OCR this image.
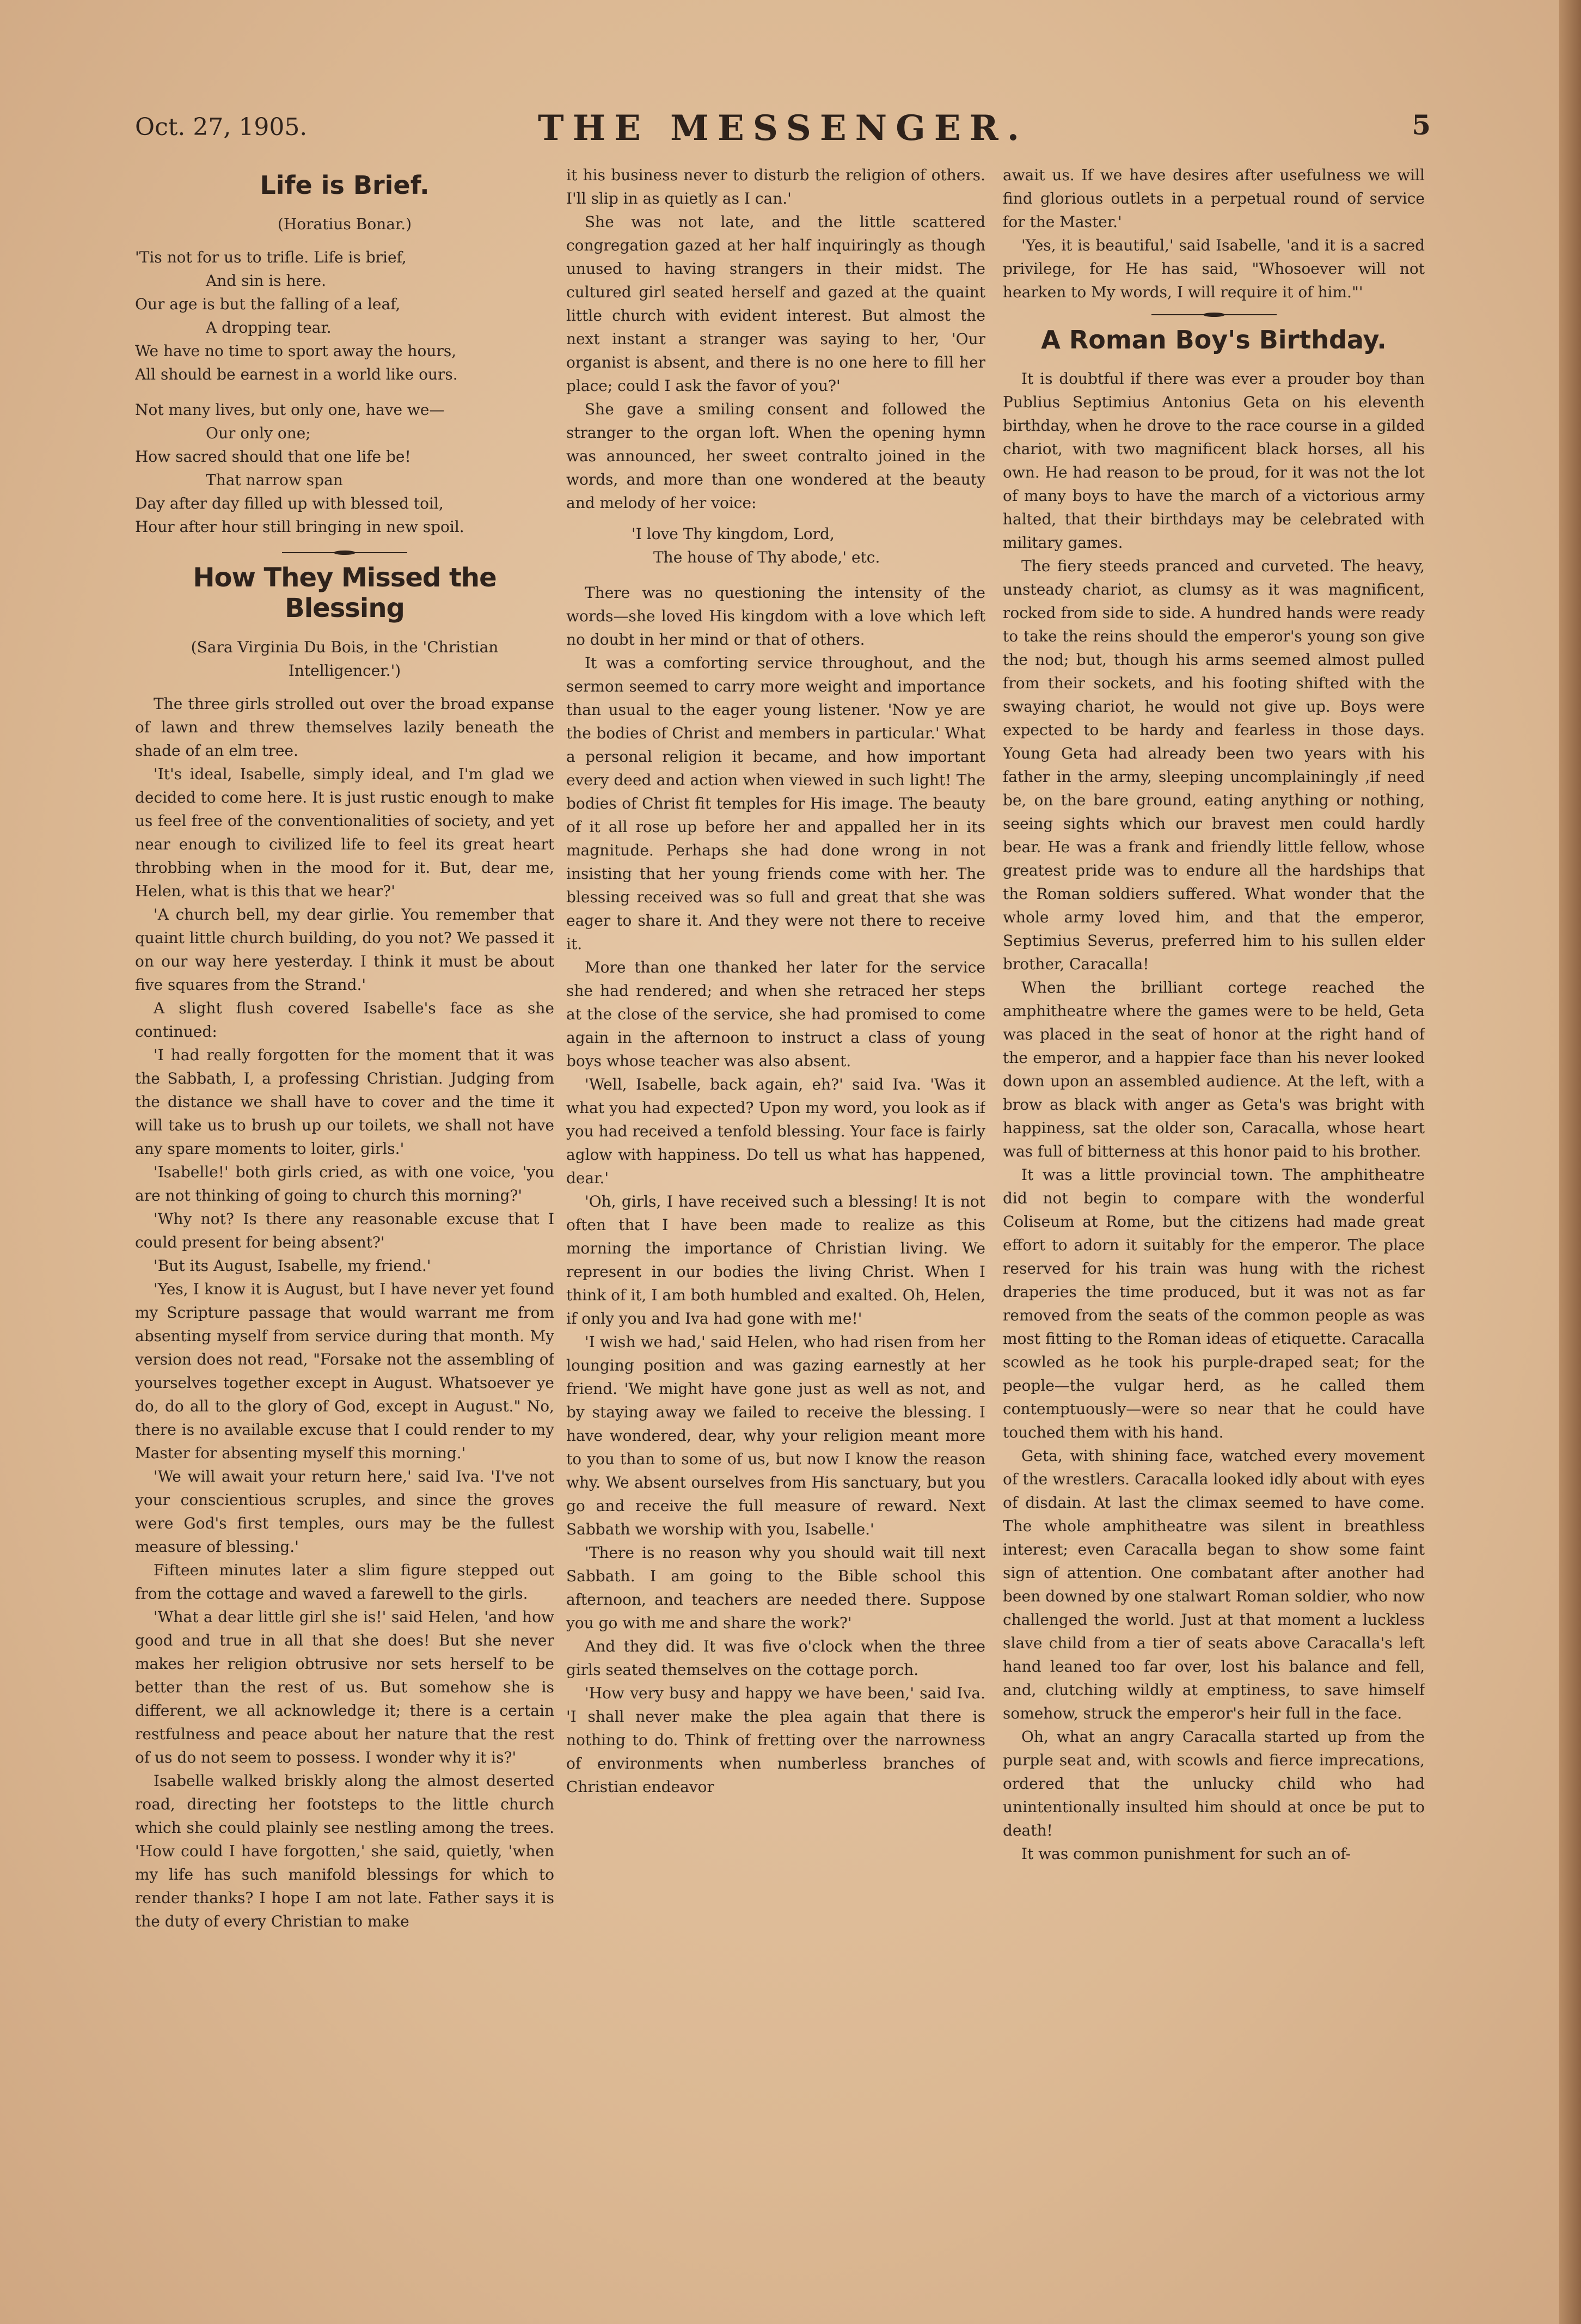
Oct. 27, 1905.	THE MESSENGER.	5
Life is Brief.
(Horatius Bonar.)
'Tis not for us to trifle. Life is brief,
And sin is here.
Our age is but the falling of a leaf,
A dropping tear.
We have no time to sport away the hours,
All should be earnest in a world like ours.
Not many lives, but only one, have we—
Our only one;
How sacred should that one life be!
That narrow span
Day after day filled up with blessed toil,
Hour after hour still bringing in new spoil.
How They Missed the Blessing
(Sara Virginia Du Bois, in the 'Christian Intelligencer.')

The three girls strolled out over the broad expanse of lawn and threw themselves lazily beneath the shade of an elm tree.

'It's ideal, Isabelle, simply ideal, and I'm glad we decided to come here. It is just rustic enough to make us feel free of the conventionalities of society, and yet near enough to civilized life to feel its great heart throbbing when in the mood for it. But, dear me, Helen, what is this that we hear?'

'A church bell, my dear girlie. You remember that quaint little church building, do you not? We passed it on our way here yesterday. I think it must be about five squares from the Strand.'

A slight flush covered Isabelle's face as she continued:

'I had really forgotten for the moment that it was the Sabbath, I, a professing Christian. Judging from the distance we shall have to cover and the time it will take us to brush up our toilets, we shall not have any spare moments to loiter, girls.'

'Isabelle!' both girls cried, as with one voice, 'you are not thinking of going to church this morning?'

'Why not? Is there any reasonable excuse that I could present for being absent?'

'But its August, Isabelle, my friend.'

'Yes, I know it is August, but I have never yet found my Scripture passage that would warrant me from absenting myself from service during that month. My version does not read, "Forsake not the assembling of yourselves together except in August. Whatsoever ye do, do all to the glory of God, except in August." No, there is no available excuse that I could render to my Master for absenting myself this morning.'

'We will await your return here,' said Iva. 'I've not your conscientious scruples, and since the groves were God's first temples, ours may be the fullest measure of blessing.'

Fifteen minutes later a slim figure stepped out from the cottage and waved a farewell to the girls.

'What a dear little girl she is!' said Helen, 'and how good and true in all that she does! But she never makes her religion obtrusive nor sets herself to be better than the rest of us. But somehow she is different, we all acknowledge it; there is a certain restfulness and peace about her nature that the rest of us do not seem to possess. I wonder why it is?'

Isabelle walked briskly along the almost deserted road, directing her footsteps to the little church which she could plainly see nestling among the trees. 'How could I have forgotten,' she said, quietly, 'when my life has such manifold blessings for which to render thanks? I hope I am not late. Father says it is the duty of every Christian to make

it his business never to disturb the religion of others. I'll slip in as quietly as I can.'

She was not late, and the little scattered congregation gazed at her half inquiringly as though unused to having strangers in their midst. The cultured girl seated herself and gazed at the quaint little church with evident interest. But almost the next instant a stranger was saying to her, 'Our organist is absent, and there is no one here to fill her place; could I ask the favor of you?'

She gave a smiling consent and followed the stranger to the organ loft. When the opening hymn was announced, her sweet contralto joined in the words, and more than one wondered at the beauty and melody of her voice:

'I love Thy kingdom, Lord,
The house of Thy abode,' etc.

There was no questioning the intensity of the words—she loved His kingdom with a love which left no doubt in her mind or that of others.

It was a comforting service throughout, and the sermon seemed to carry more weight and importance than usual to the eager young listener. 'Now ye are the bodies of Christ and members in particular.' What a personal religion it became, and how important every deed and action when viewed in such light! The bodies of Christ fit temples for His image. The beauty of it all rose up before her and appalled her in its magnitude. Perhaps she had done wrong in not insisting that her young friends come with her. The blessing received was so full and great that she was eager to share it. And they were not there to receive it.

More than one thanked her later for the service she had rendered; and when she retraced her steps at the close of the service, she had promised to come again in the afternoon to instruct a class of young boys whose teacher was also absent.

'Well, Isabelle, back again, eh?' said Iva. 'Was it what you had expected? Upon my word, you look as if you had received a tenfold blessing. Your face is fairly aglow with happiness. Do tell us what has happened, dear.'

'Oh, girls, I have received such a blessing! It is not often that I have been made to realize as this morning the importance of Christian living. We represent in our bodies the living Christ. When I think of it, I am both humbled and exalted. Oh, Helen, if only you and Iva had gone with me!'

'I wish we had,' said Helen, who had risen from her lounging position and was gazing earnestly at her friend. 'We might have gone just as well as not, and by staying away we failed to receive the blessing. I have wondered, dear, why your religion meant more to you than to some of us, but now I know the reason why. We absent ourselves from His sanctuary, but you go and receive the full measure of reward. Next Sabbath we worship with you, Isabelle.'

'There is no reason why you should wait till next Sabbath. I am going to the Bible school this afternoon, and teachers are needed there. Suppose you go with me and share the work?'

And they did. It was five o'clock when the three girls seated themselves on the cottage porch.

'How very busy and happy we have been,' said Iva. 'I shall never make the plea again that there is nothing to do. Think of fretting over the narrowness of environments when numberless branches of Christian endeavor

await us. If we have desires after usefulness we will find glorious outlets in a perpetual round of service for the Master.'

'Yes, it is beautiful,' said Isabelle, 'and it is a sacred privilege, for He has said, "Whosoever will not hearken to My words, I will require it of him."'

A Roman Boy's Birthday.

It is doubtful if there was ever a prouder boy than Publius Septimius Antonius Geta on his eleventh birthday, when he drove to the race course in a gilded chariot, with two magnificent black horses, all his own. He had reason to be proud, for it was not the lot of many boys to have the march of a victorious army halted, that their birthdays may be celebrated with military games.

The fiery steeds pranced and curveted. The heavy, unsteady chariot, as clumsy as it was magnificent, rocked from side to side. A hundred hands were ready to take the reins should the emperor's young son give the nod; but, though his arms seemed almost pulled from their sockets, and his footing shifted with the swaying chariot, he would not give up. Boys were expected to be hardy and fearless in those days. Young Geta had already been two years with his father in the army, sleeping uncomplainingly ,if need be, on the bare ground, eating anything or nothing, seeing sights which our bravest men could hardly bear. He was a frank and friendly little fellow, whose greatest pride was to endure all the hardships that the Roman soldiers suffered. What wonder that the whole army loved him, and that the emperor, Septimius Severus, preferred him to his sullen elder brother, Caracalla!

When the brilliant cortege reached the amphitheatre where the games were to be held, Geta was placed in the seat of honor at the right hand of the emperor, and a happier face than his never looked down upon an assembled audience. At the left, with a brow as black with anger as Geta's was bright with happiness, sat the older son, Caracalla, whose heart was full of bitterness at this honor paid to his brother.

It was a little provincial town. The amphitheatre did not begin to compare with the wonderful Coliseum at Rome, but the citizens had made great effort to adorn it suitably for the emperor. The place reserved for his train was hung with the richest draperies the time produced, but it was not as far removed from the seats of the common people as was most fitting to the Roman ideas of etiquette. Caracalla scowled as he took his purple-draped seat; for the people—the vulgar herd, as he called them contemptuously—were so near that he could have touched them with his hand.

Geta, with shining face, watched every movement of the wrestlers. Caracalla looked idly about with eyes of disdain. At last the climax seemed to have come. The whole amphitheatre was silent in breathless interest; even Caracalla began to show some faint sign of attention. One combatant after another had been downed by one stalwart Roman soldier, who now challenged the world. Just at that moment a luckless slave child from a tier of seats above Caracalla's left hand leaned too far over, lost his balance and fell, and, clutching wildly at emptiness, to save himself somehow, struck the emperor's heir full in the face.

Oh, what an angry Caracalla started up from the purple seat and, with scowls and fierce imprecations, ordered that the unlucky child who had unintentionally insulted him should at once be put to death!

It was common punishment for such an of-
